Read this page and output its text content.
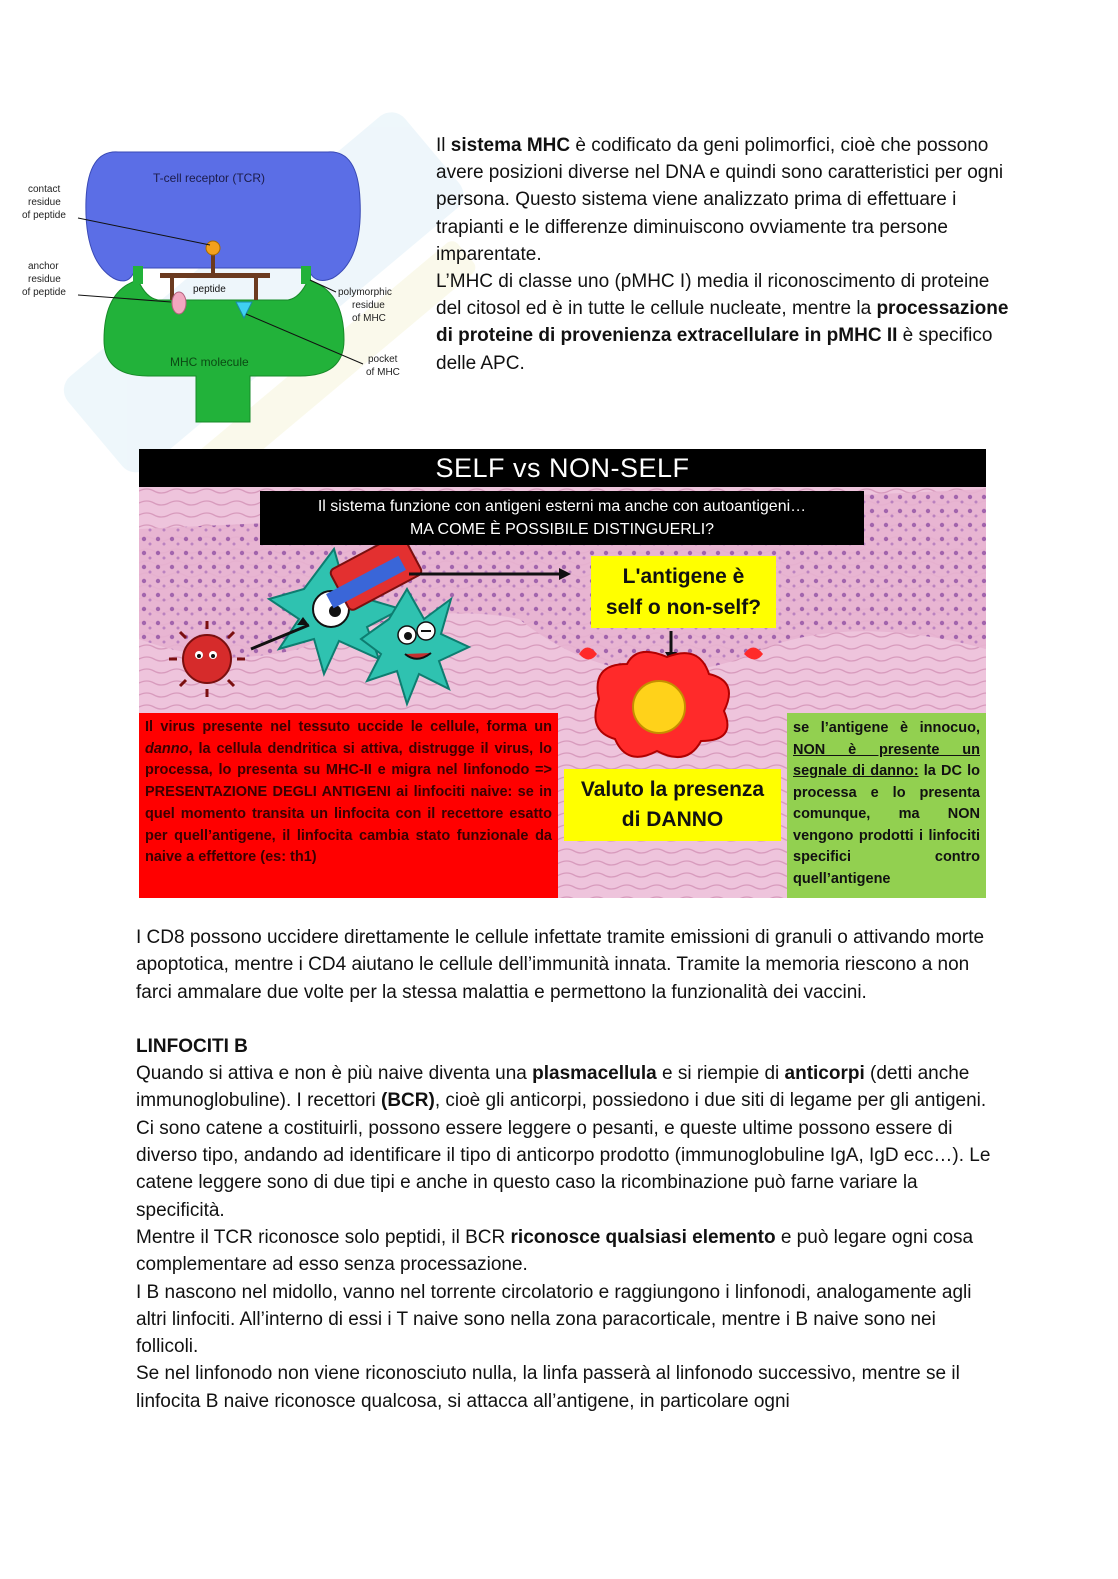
T-cell receptor (TCR)
peptide
MHC molecule
contact
residue
of peptide
anchor
residue
of peptide	polymorphic
residue
of MHC
pocket
of MHC

Il sistema MHC è codificato da geni polimorfici, cioè che possono avere posizioni diverse nel DNA e quindi sono caratteristici per ogni persona. Questo sistema viene analizzato prima di effettuare i trapianti e le differenze diminuiscono ovviamente tra persone imparentate.

L’MHC di classe uno (pMHC I) media il riconoscimento di proteine del citosol ed è in tutte le cellule nucleate, mentre la processazione di proteine di provenienza extracellulare in pMHC II è specifico delle APC.

SELF vs NON-SELF
Il sistema funzione con antigeni esterni ma anche con autoantigeni…
MA COME È POSSIBILE DISTINGUERLI?
L'antigene è
self o non-self?
Valuto la presenza
di DANNO
Il virus presente nel tessuto uccide le cellule, forma un danno, la cellula dendritica si attiva, distrugge il virus, lo processa, lo presenta su MHC-II e migra nel linfonodo => PRESENTAZIONE DEGLI ANTIGENI ai linfociti naive: se in quel momento transita un linfocita con il recettore esatto per quell’antigene, il linfocita cambia stato funzionale da naive a effettore (es: th1)
se l’antigene è innocuo, NON è presente un segnale di danno: la DC lo processa e lo presenta comunque, ma NON vengono prodotti i linfociti specifici contro quell’antigene

I CD8 possono uccidere direttamente le cellule infettate tramite emissioni di granuli o attivando morte apoptotica, mentre i CD4 aiutano le cellule dell’immunità innata. Tramite la memoria riescono a non farci ammalare due volte per la stessa malattia e permettono la funzionalità dei vaccini.

LINFOCITI B

Quando si attiva e non è più naive diventa una plasmacellula e si riempie di anticorpi (detti anche immunoglobuline). I recettori (BCR), cioè gli anticorpi, possiedono i due siti di legame per gli antigeni. Ci sono catene a costituirli, possono essere leggere o pesanti, e queste ultime possono essere di diverso tipo, andando ad identificare il tipo di anticorpo prodotto (immunoglobuline IgA, IgD ecc…). Le catene leggere sono di due tipi e anche in questo caso la ricombinazione può farne variare la specificità.

Mentre il TCR riconosce solo peptidi, il BCR riconosce qualsiasi elemento e può legare ogni cosa complementare ad esso senza processazione.

I B nascono nel midollo, vanno nel torrente circolatorio e raggiungono i linfonodi, analogamente agli altri linfociti. All’interno di essi i T naive sono nella zona paracorticale, mentre i B naive sono nei follicoli.

Se nel linfonodo non viene riconosciuto nulla, la linfa passerà al linfonodo successivo, mentre se il linfocita B naive riconosce qualcosa, si attacca all’antigene, in particolare ogni
